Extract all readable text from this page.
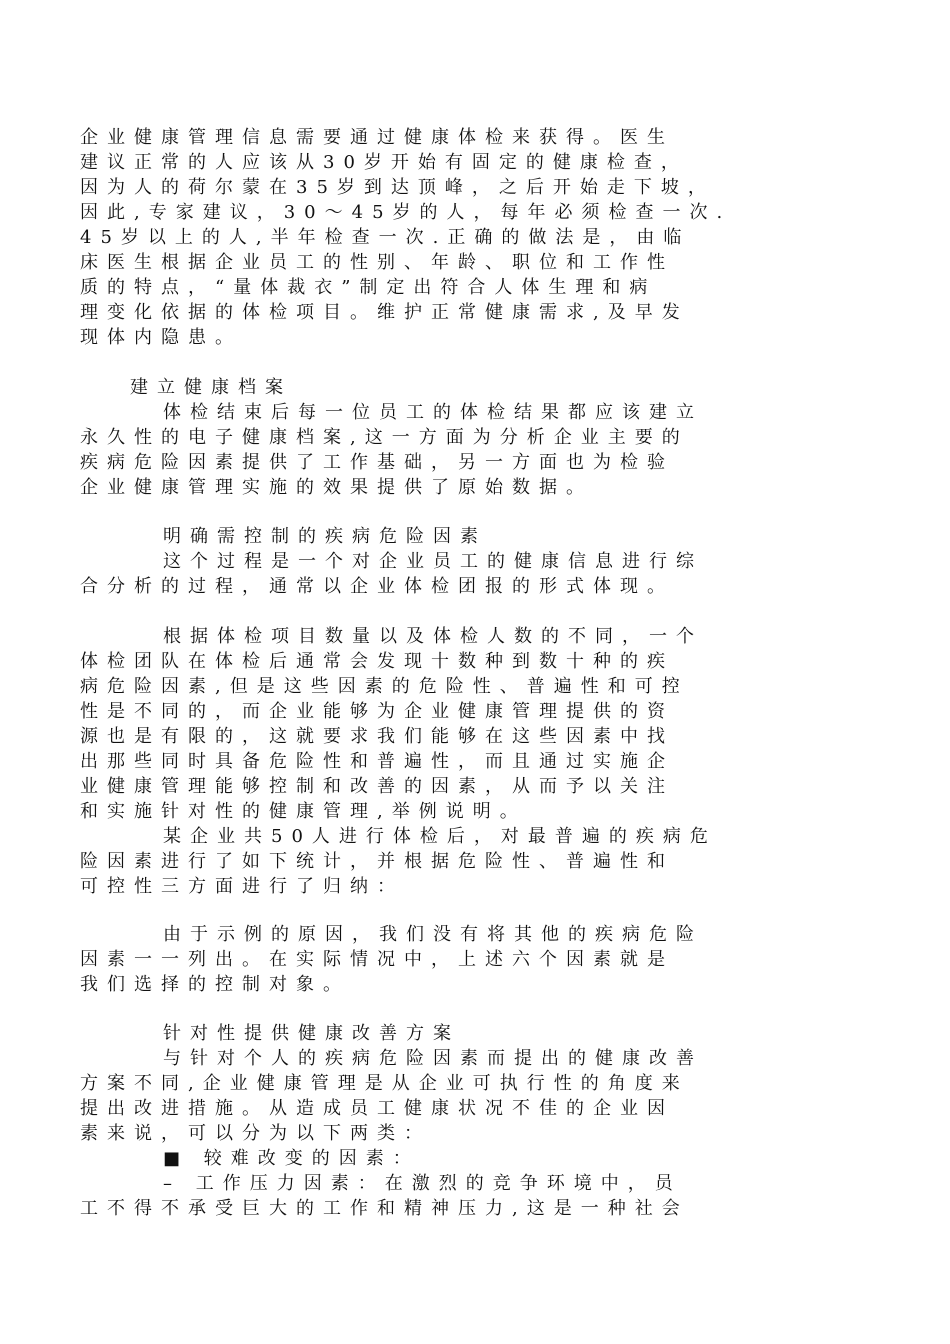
企业健康管理信息需要通过健康体检来获得。医生
建议正常的人应该从30岁开始有固定的健康检查，
因为人的荷尔蒙在35岁到达顶峰，之后开始走下坡，
因此,专家建议，30～45岁的人，每年必须检查一次.
45岁以上的人,半年检查一次.正确的做法是，由临
床医生根据企业员工的性别、年龄、职位和工作性
质的特点，“量体裁衣”制定出符合人体生理和病
理变化依据的体检项目。维护正常健康需求,及早发
现体内隐患。
建立健康档案
体检结束后每一位员工的体检结果都应该建立
永久性的电子健康档案,这一方面为分析企业主要的
疾病危险因素提供了工作基础，另一方面也为检验
企业健康管理实施的效果提供了原始数据。
明确需控制的疾病危险因素
这个过程是一个对企业员工的健康信息进行综
合分析的过程，通常以企业体检团报的形式体现。
根据体检项目数量以及体检人数的不同，一个
体检团队在体检后通常会发现十数种到数十种的疾
病危险因素,但是这些因素的危险性、普遍性和可控
性是不同的，而企业能够为企业健康管理提供的资
源也是有限的，这就要求我们能够在这些因素中找
出那些同时具备危险性和普遍性，而且通过实施企
业健康管理能够控制和改善的因素，从而予以关注
和实施针对性的健康管理,举例说明。
某企业共50人进行体检后，对最普遍的疾病危
险因素进行了如下统计，并根据危险性、普遍性和
可控性三方面进行了归纳：
由于示例的原因，我们没有将其他的疾病危险
因素一一列出。在实际情况中，上述六个因素就是
我们选择的控制对象。
针对性提供健康改善方案
与针对个人的疾病危险因素而提出的健康改善
方案不同,企业健康管理是从企业可执行性的角度来
提出改进措施。从造成员工健康状况不佳的企业因
素来说，可以分为以下两类：
■ 较难改变的因素：
– 工作压力因素：在激烈的竞争环境中，员
工不得不承受巨大的工作和精神压力,这是一种社会
